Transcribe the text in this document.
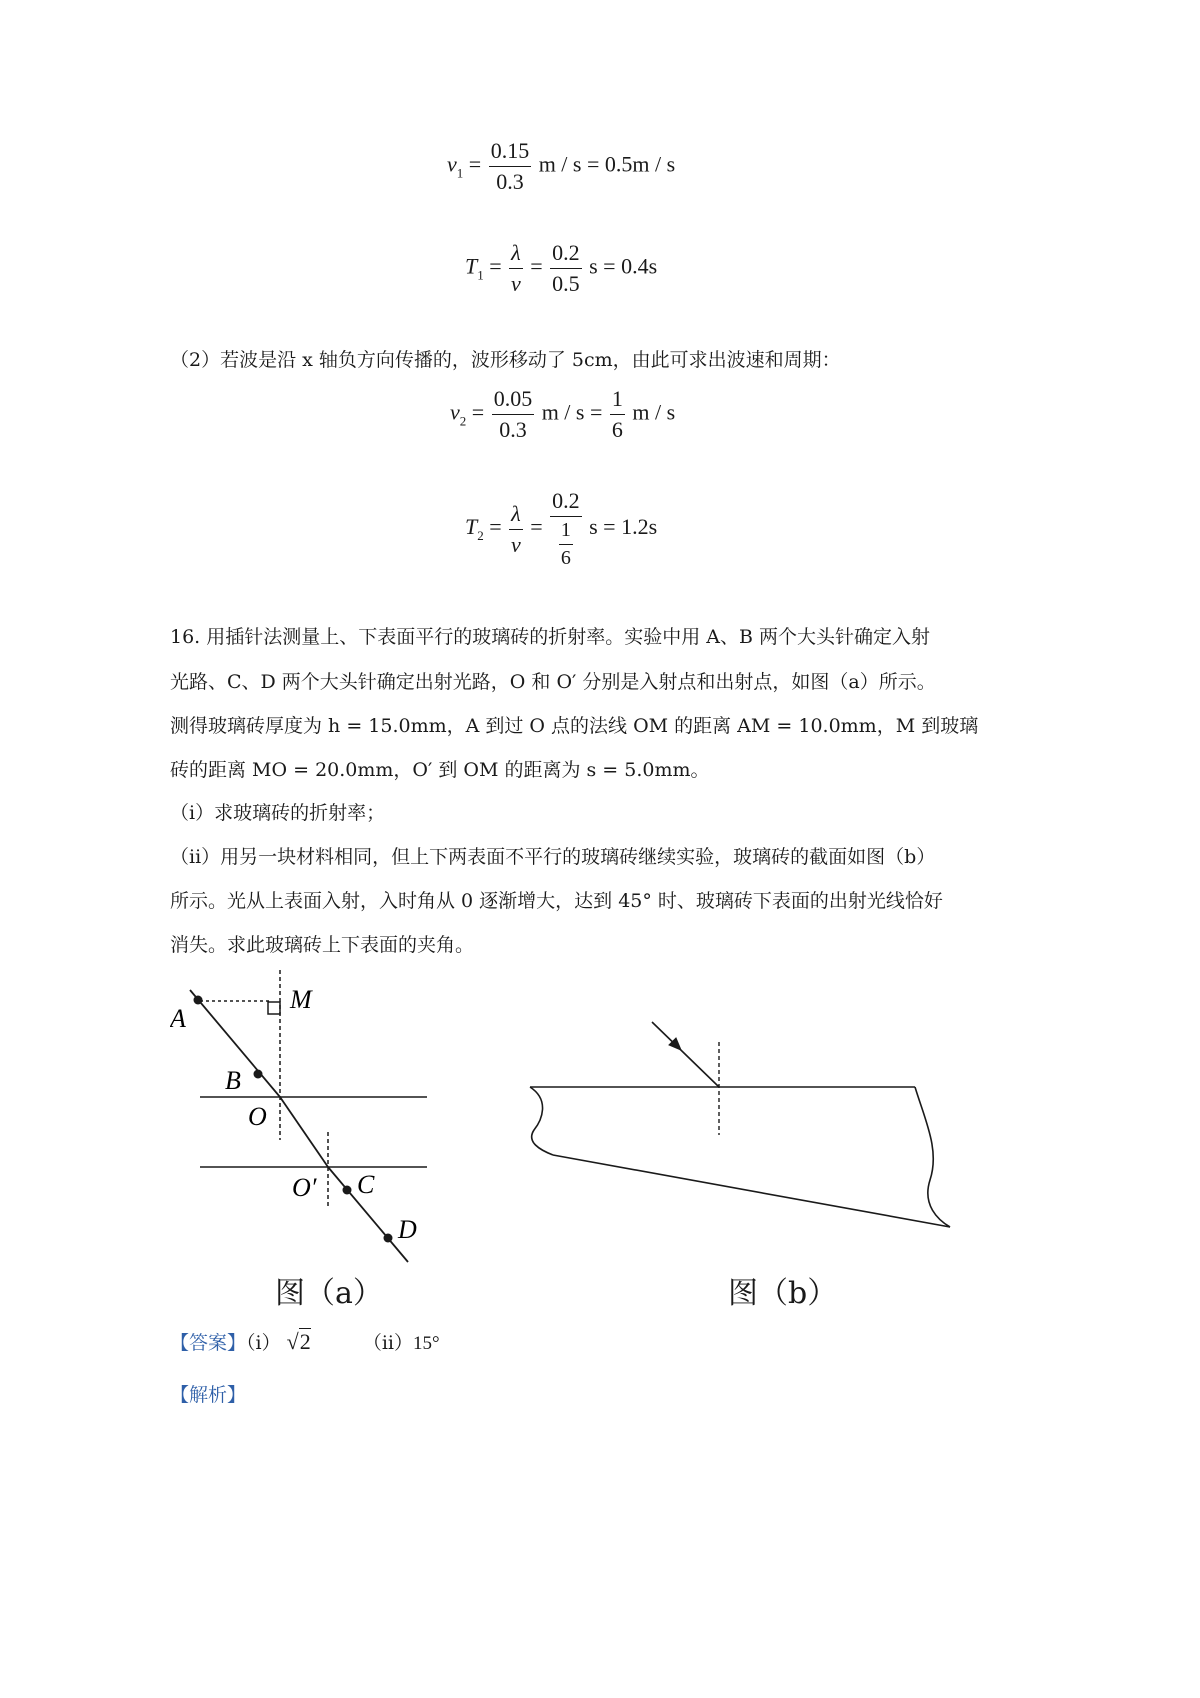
$v_1 = \frac{0.15}{0.3}$ m / s = 0.5m / s
$T_1 = \frac{\lambda}{v} = \frac{0.2}{0.5}$ s = 0.4s
（2）若波是沿 x 轴负方向传播的，波形移动了 5cm，由此可求出波速和周期：
$v_2 = \frac{0.05}{0.3}$ $m / s = \frac{1}{6}$ m / s
$T_2 = \frac{\lambda}{v} = \frac{0.2}{\frac{1}{6}}$ s = 1.2s
16. 用插针法测量上、下表面平行的玻璃砖的折射率。实验中用 A、B 两个大头针确定入射
光路、C、D 两个大头针确定出射光路，O 和 O′ 分别是入射点和出射点，如图（a）所示。
测得玻璃砖厚度为 h = 15.0mm，A 到过 O 点的法线 OM 的距离 AM = 10.0mm，M 到玻璃
砖的距离 MO = 20.0mm，O′ 到 OM 的距离为 s = 5.0mm。
（i）求玻璃砖的折射率；
（ii）用另一块材料相同，但上下两表面不平行的玻璃砖继续实验，玻璃砖的截面如图（b）
所示。光从上表面入射，入时角从 0 逐渐增大，达到 45° 时、玻璃砖下表面的出射光线恰好
消失。求此玻璃砖上下表面的夹角。
A
M
B
O
O′ C
D
图（a）	图（b）
【答案】（i） √2	（ii）15°
【解析】
